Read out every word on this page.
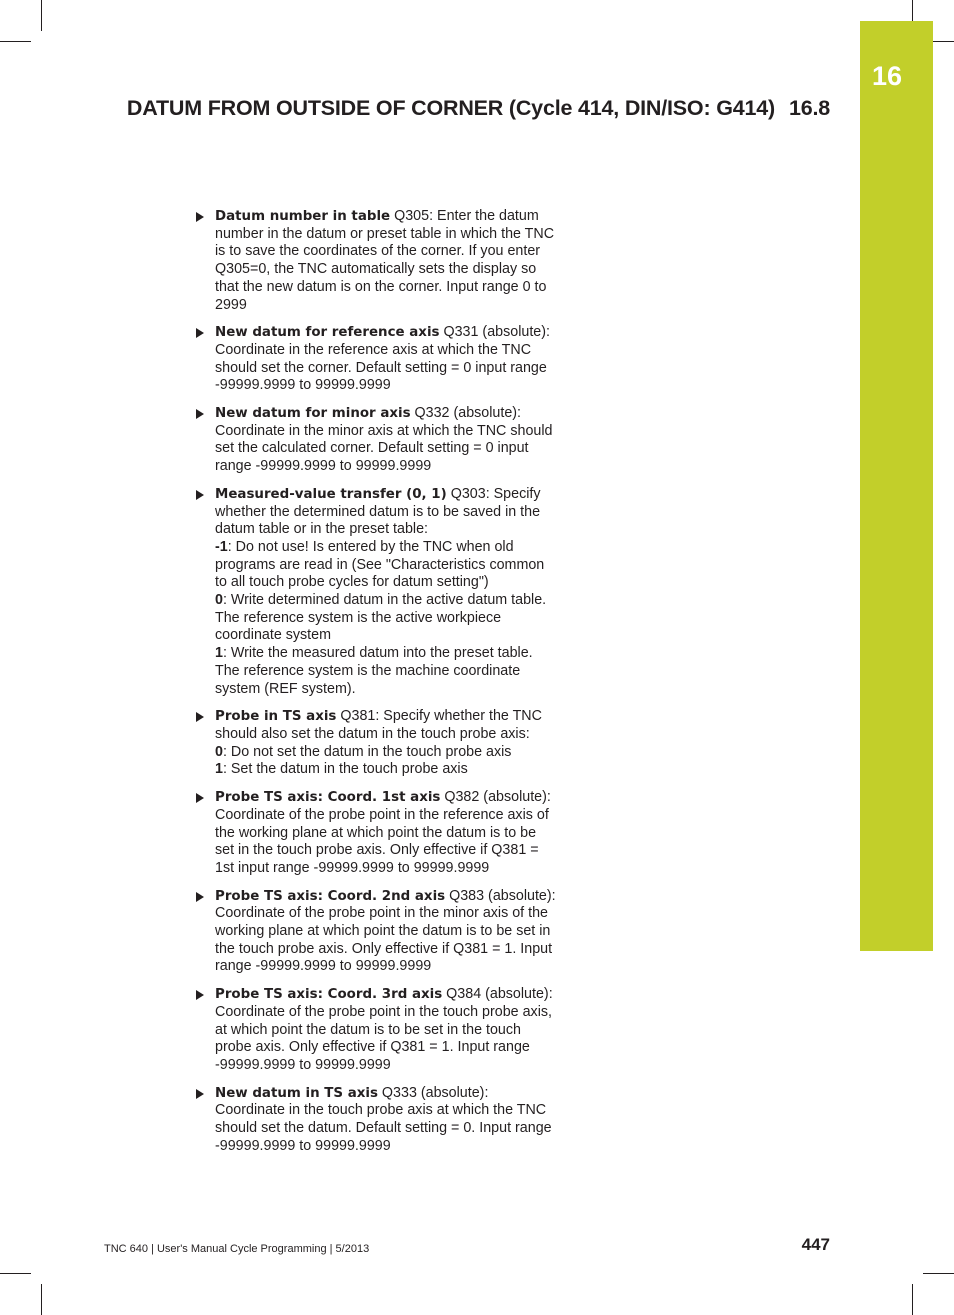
16
DATUM FROM OUTSIDE OF CORNER (Cycle 414, DIN/ISO: G414) 16.8
Datum number in table Q305: Enter the datum number in the datum or preset table in which the TNC is to save the coordinates of the corner. If you enter Q305=0, the TNC automatically sets the display so that the new datum is on the corner. Input range 0 to 2999
New datum for reference axis Q331 (absolute): Coordinate in the reference axis at which the TNC should set the corner. Default setting = 0 input range -99999.9999 to 99999.9999
New datum for minor axis Q332 (absolute): Coordinate in the minor axis at which the TNC should set the calculated corner. Default setting = 0 input range -99999.9999 to 99999.9999
Measured-value transfer (0, 1) Q303: Specify whether the determined datum is to be saved in the datum table or in the preset table:
-1: Do not use! Is entered by the TNC when old programs are read in (See "Characteristics common to all touch probe cycles for datum setting")
0: Write determined datum in the active datum table. The reference system is the active workpiece coordinate system
1: Write the measured datum into the preset table. The reference system is the machine coordinate system (REF system).
Probe in TS axis Q381: Specify whether the TNC should also set the datum in the touch probe axis:
0: Do not set the datum in the touch probe axis
1: Set the datum in the touch probe axis
Probe TS axis: Coord. 1st axis Q382 (absolute): Coordinate of the probe point in the reference axis of the working plane at which point the datum is to be set in the touch probe axis. Only effective if Q381 = 1st input range -99999.9999 to 99999.9999
Probe TS axis: Coord. 2nd axis Q383 (absolute): Coordinate of the probe point in the minor axis of the working plane at which point the datum is to be set in the touch probe axis. Only effective if Q381 = 1. Input range -99999.9999 to 99999.9999
Probe TS axis: Coord. 3rd axis Q384 (absolute): Coordinate of the probe point in the touch probe axis, at which point the datum is to be set in the touch probe axis. Only effective if Q381 = 1. Input range -99999.9999 to 99999.9999
New datum in TS axis Q333 (absolute): Coordinate in the touch probe axis at which the TNC should set the datum. Default setting = 0. Input range -99999.9999 to 99999.9999
TNC 640 | User's Manual Cycle Programming | 5/2013	447
